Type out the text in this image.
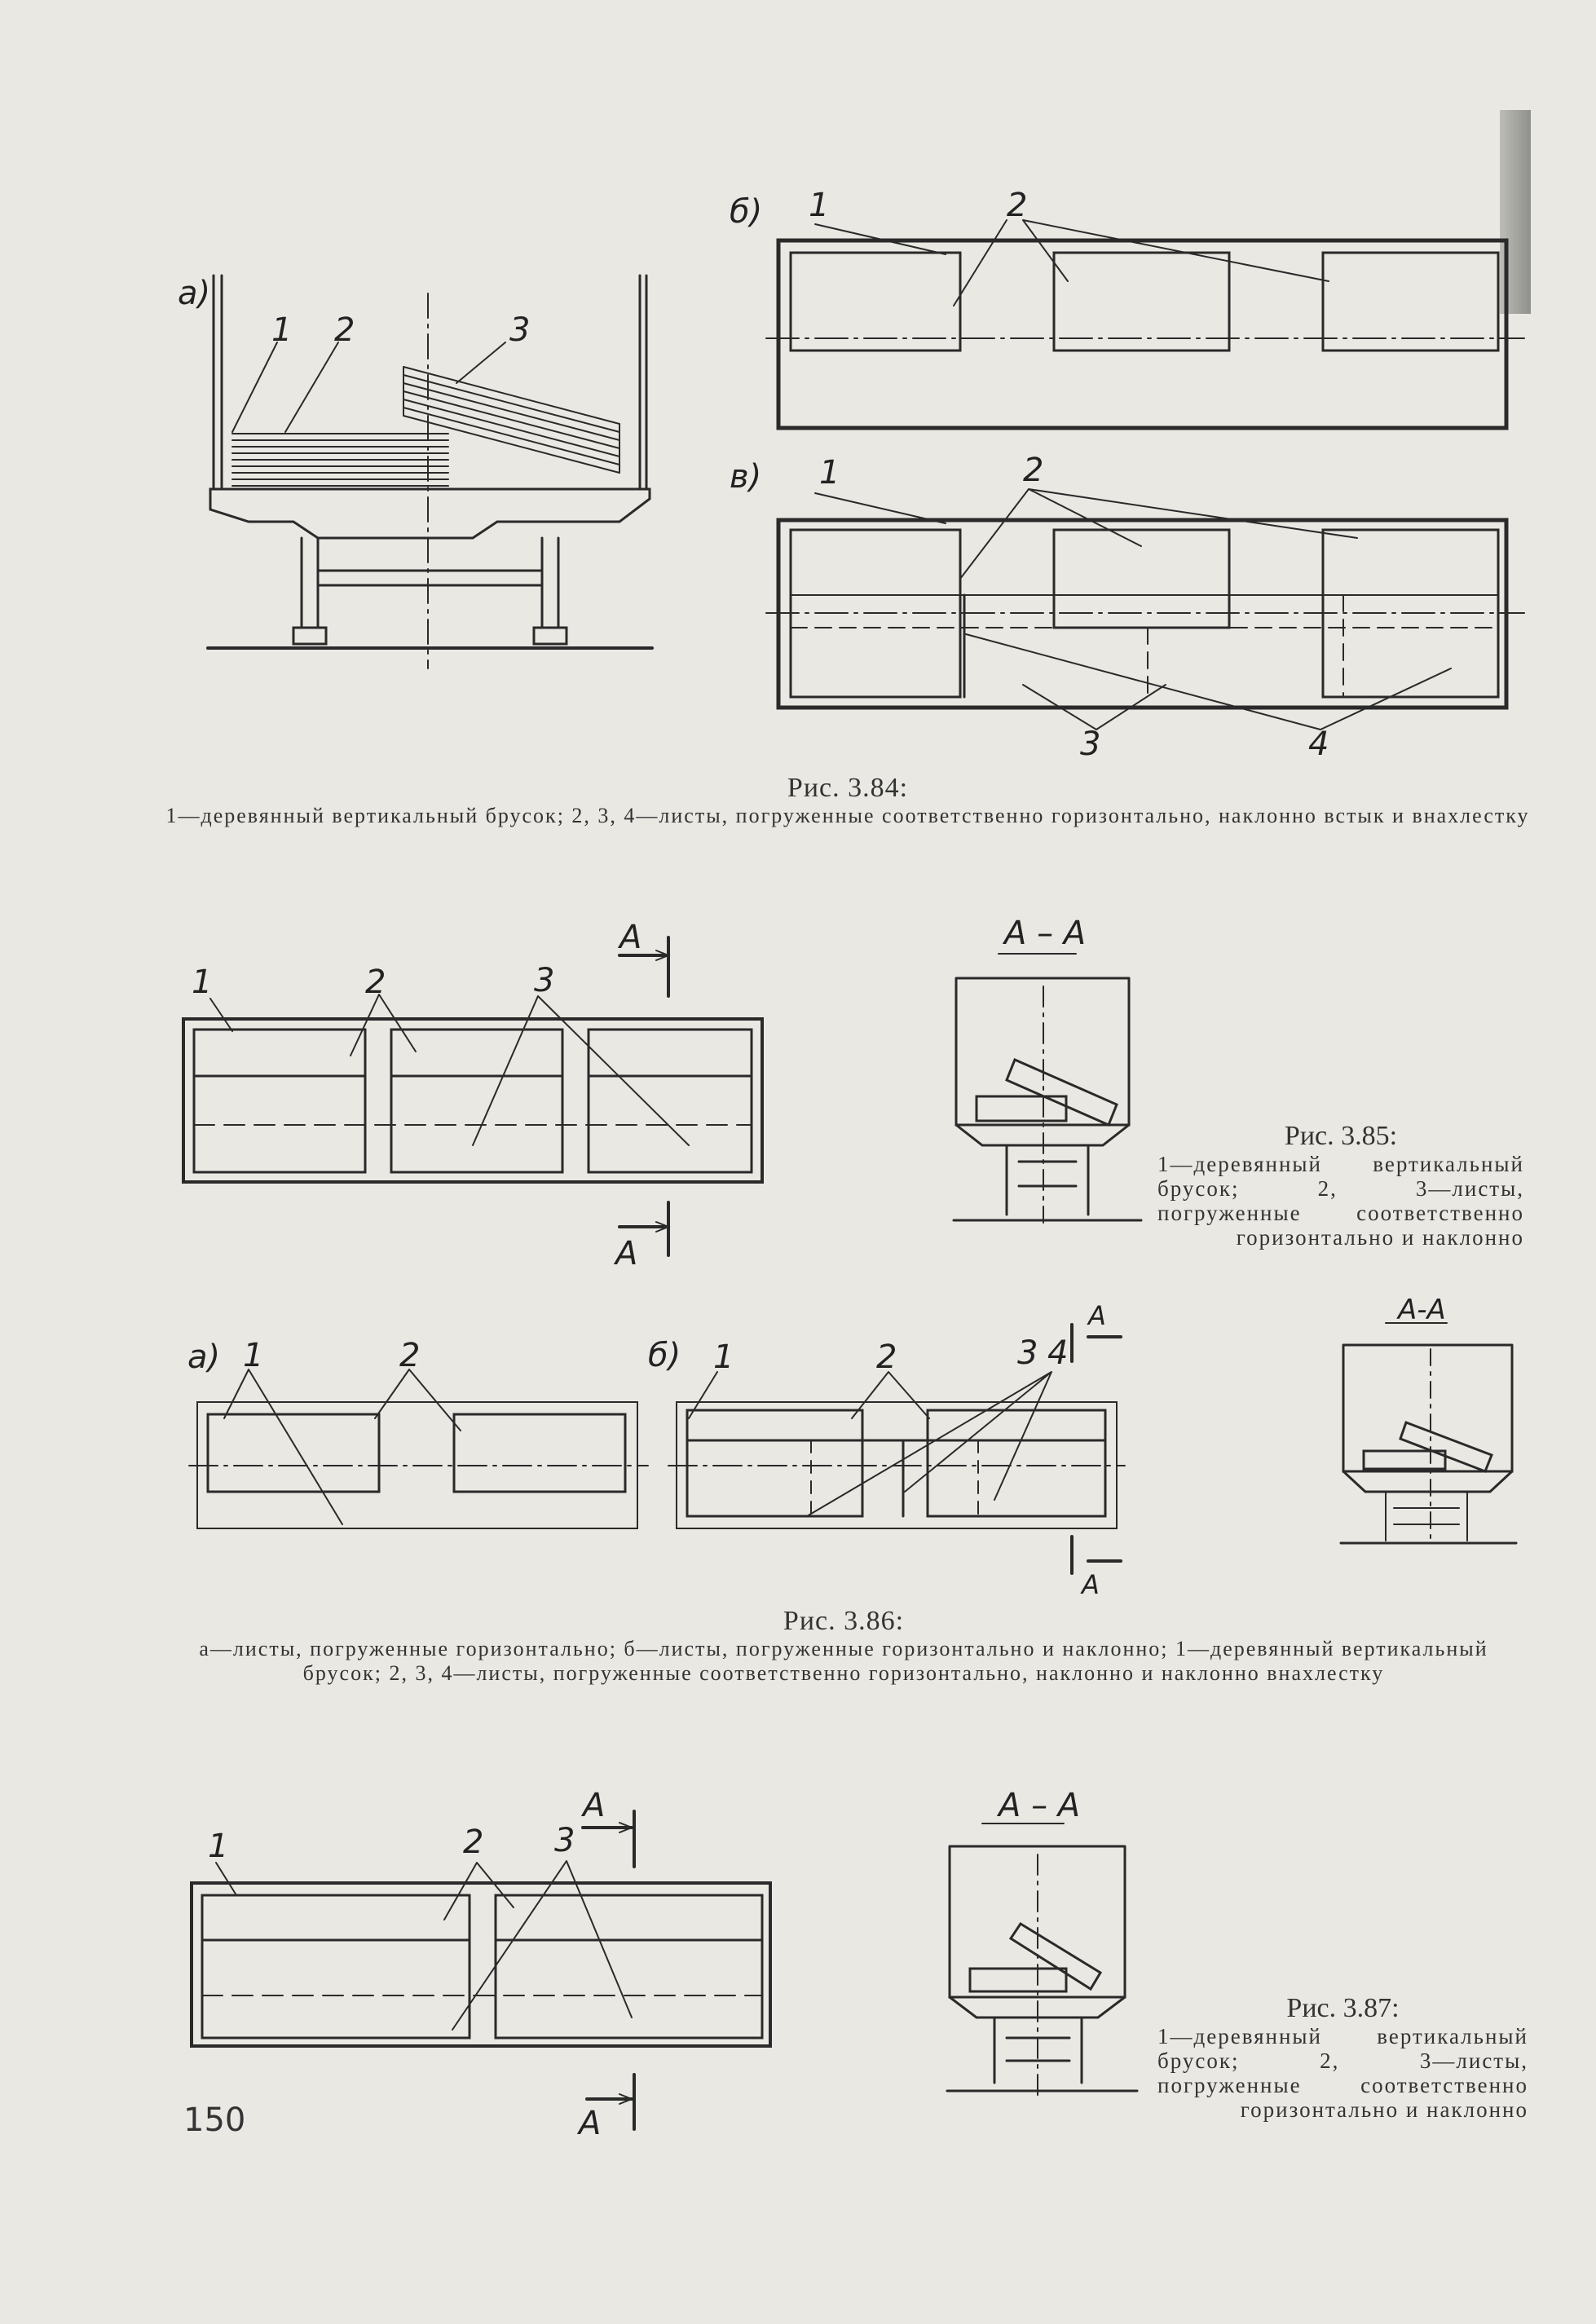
а)
1 2	3
б) 1	2
в) 1	2
3	4
Рис. 3.84:
1—деревянный вертикальный брусок; 2, 3, 4—листы, погруженные соответственно горизонтально, наклонно встык и внахлестку
1	2	3
А
А
А – А
Рис. 3.85:
1—деревянный вертикальный брусок; 2, 3—листы, погруженные соответственно горизонтально и наклонно
а) 1	2	б) 1	2	3 4
А
А
А-А
Рис. 3.86:
а—листы, погруженные горизонтально; б—листы, погруженные горизонтально и наклонно; 1—деревянный вертикальный брусок; 2, 3, 4—листы, погруженные соответственно горизонтально, наклонно и наклонно внахлестку
1	2 3
А
А
А – А
Рис. 3.87:
1—деревянный вертикальный брусок; 2, 3—листы, погруженные соответственно горизонтально и наклонно
150
